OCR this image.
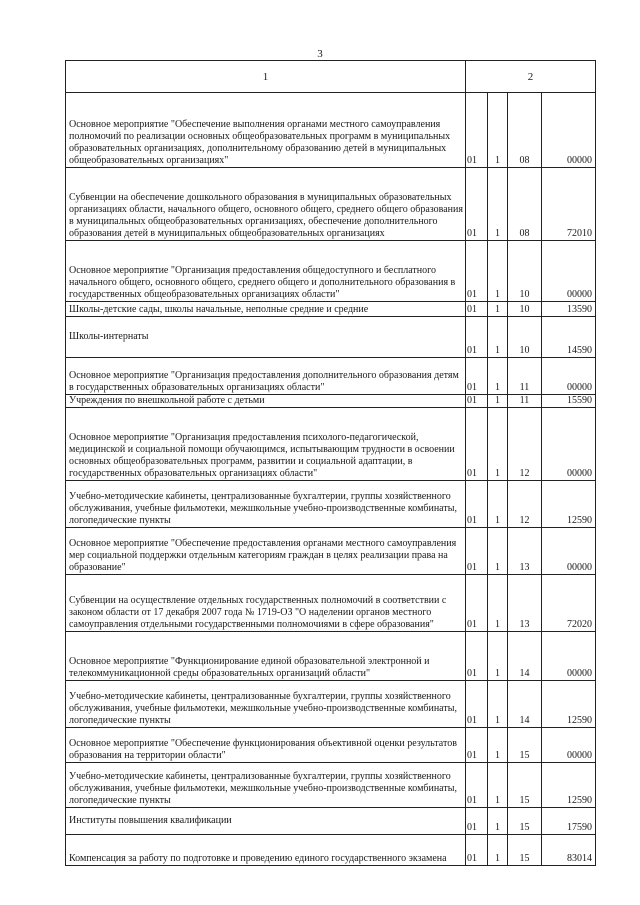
3
1	2			
Основное мероприятие "Обеспечение выполнения органами местного самоуправления полномочий по реализации основных общеобразовательных программ в муниципальных образовательных организациях, дополнительному образованию детей в муниципальных общеобразовательных организациях"	01	1	08	00000
Субвенции на обеспечение дошкольного образования в муниципальных образовательных организациях области, начального общего, основного общего, среднего общего образования в муниципальных общеобразовательных организациях, обеспечение дополнительного образования детей в муниципальных общеобразовательных организациях	01	1	08	72010
Основное мероприятие "Организация предоставления общедоступного и бесплатного начального общего, основного общего, среднего общего и дополнительного образования в государственных общеобразовательных организациях области"	01	1	10	00000
Школы-детские сады, школы начальные, неполные средние и средние	01	1	10	13590
Школы-интернаты	01	1	10	14590
Основное мероприятие "Организация предоставления дополнительного образования детям в государственных образовательных организациях области"	01	1	11	00000
Учреждения по внешкольной работе с детьми	01	1	11	15590
Основное мероприятие "Организация предоставления психолого-педагогической, медицинской и социальной помощи обучающимся, испытывающим трудности в освоении основных общеобразовательных программ, развитии и социальной адаптации, в государственных образовательных организациях области"	01	1	12	00000
Учебно-методические кабинеты, централизованные бухгалтерии, группы хозяйственного обслуживания, учебные фильмотеки, межшкольные учебно-производственные комбинаты, логопедические пункты	01	1	12	12590
Основное мероприятие "Обеспечение предоставления органами местного самоуправления мер социальной поддержки отдельным категориям граждан в целях реализации права на образование"	01	1	13	00000
Субвенции на осуществление отдельных государственных полномочий в соответствии с законом области от 17 декабря 2007 года № 1719-ОЗ "О наделении органов местного самоуправления отдельными государственными полномочиями в сфере образования"	01	1	13	72020
Основное мероприятие "Функционирование единой образовательной электронной и телекоммуникационной среды образовательных организаций области"	01	1	14	00000
Учебно-методические кабинеты, централизованные бухгалтерии, группы хозяйственного обслуживания, учебные фильмотеки, межшкольные учебно-производственные комбинаты, логопедические пункты	01	1	14	12590
Основное мероприятие "Обеспечение функционирования объективной оценки результатов образования на территории области"	01	1	15	00000
Учебно-методические кабинеты, централизованные бухгалтерии, группы хозяйственного обслуживания, учебные фильмотеки, межшкольные учебно-производственные комбинаты, логопедические пункты	01	1	15	12590
Институты повышения квалификации	01	1	15	17590
Компенсация за работу по подготовке и проведению единого государственного экзамена	01	1	15	83014
